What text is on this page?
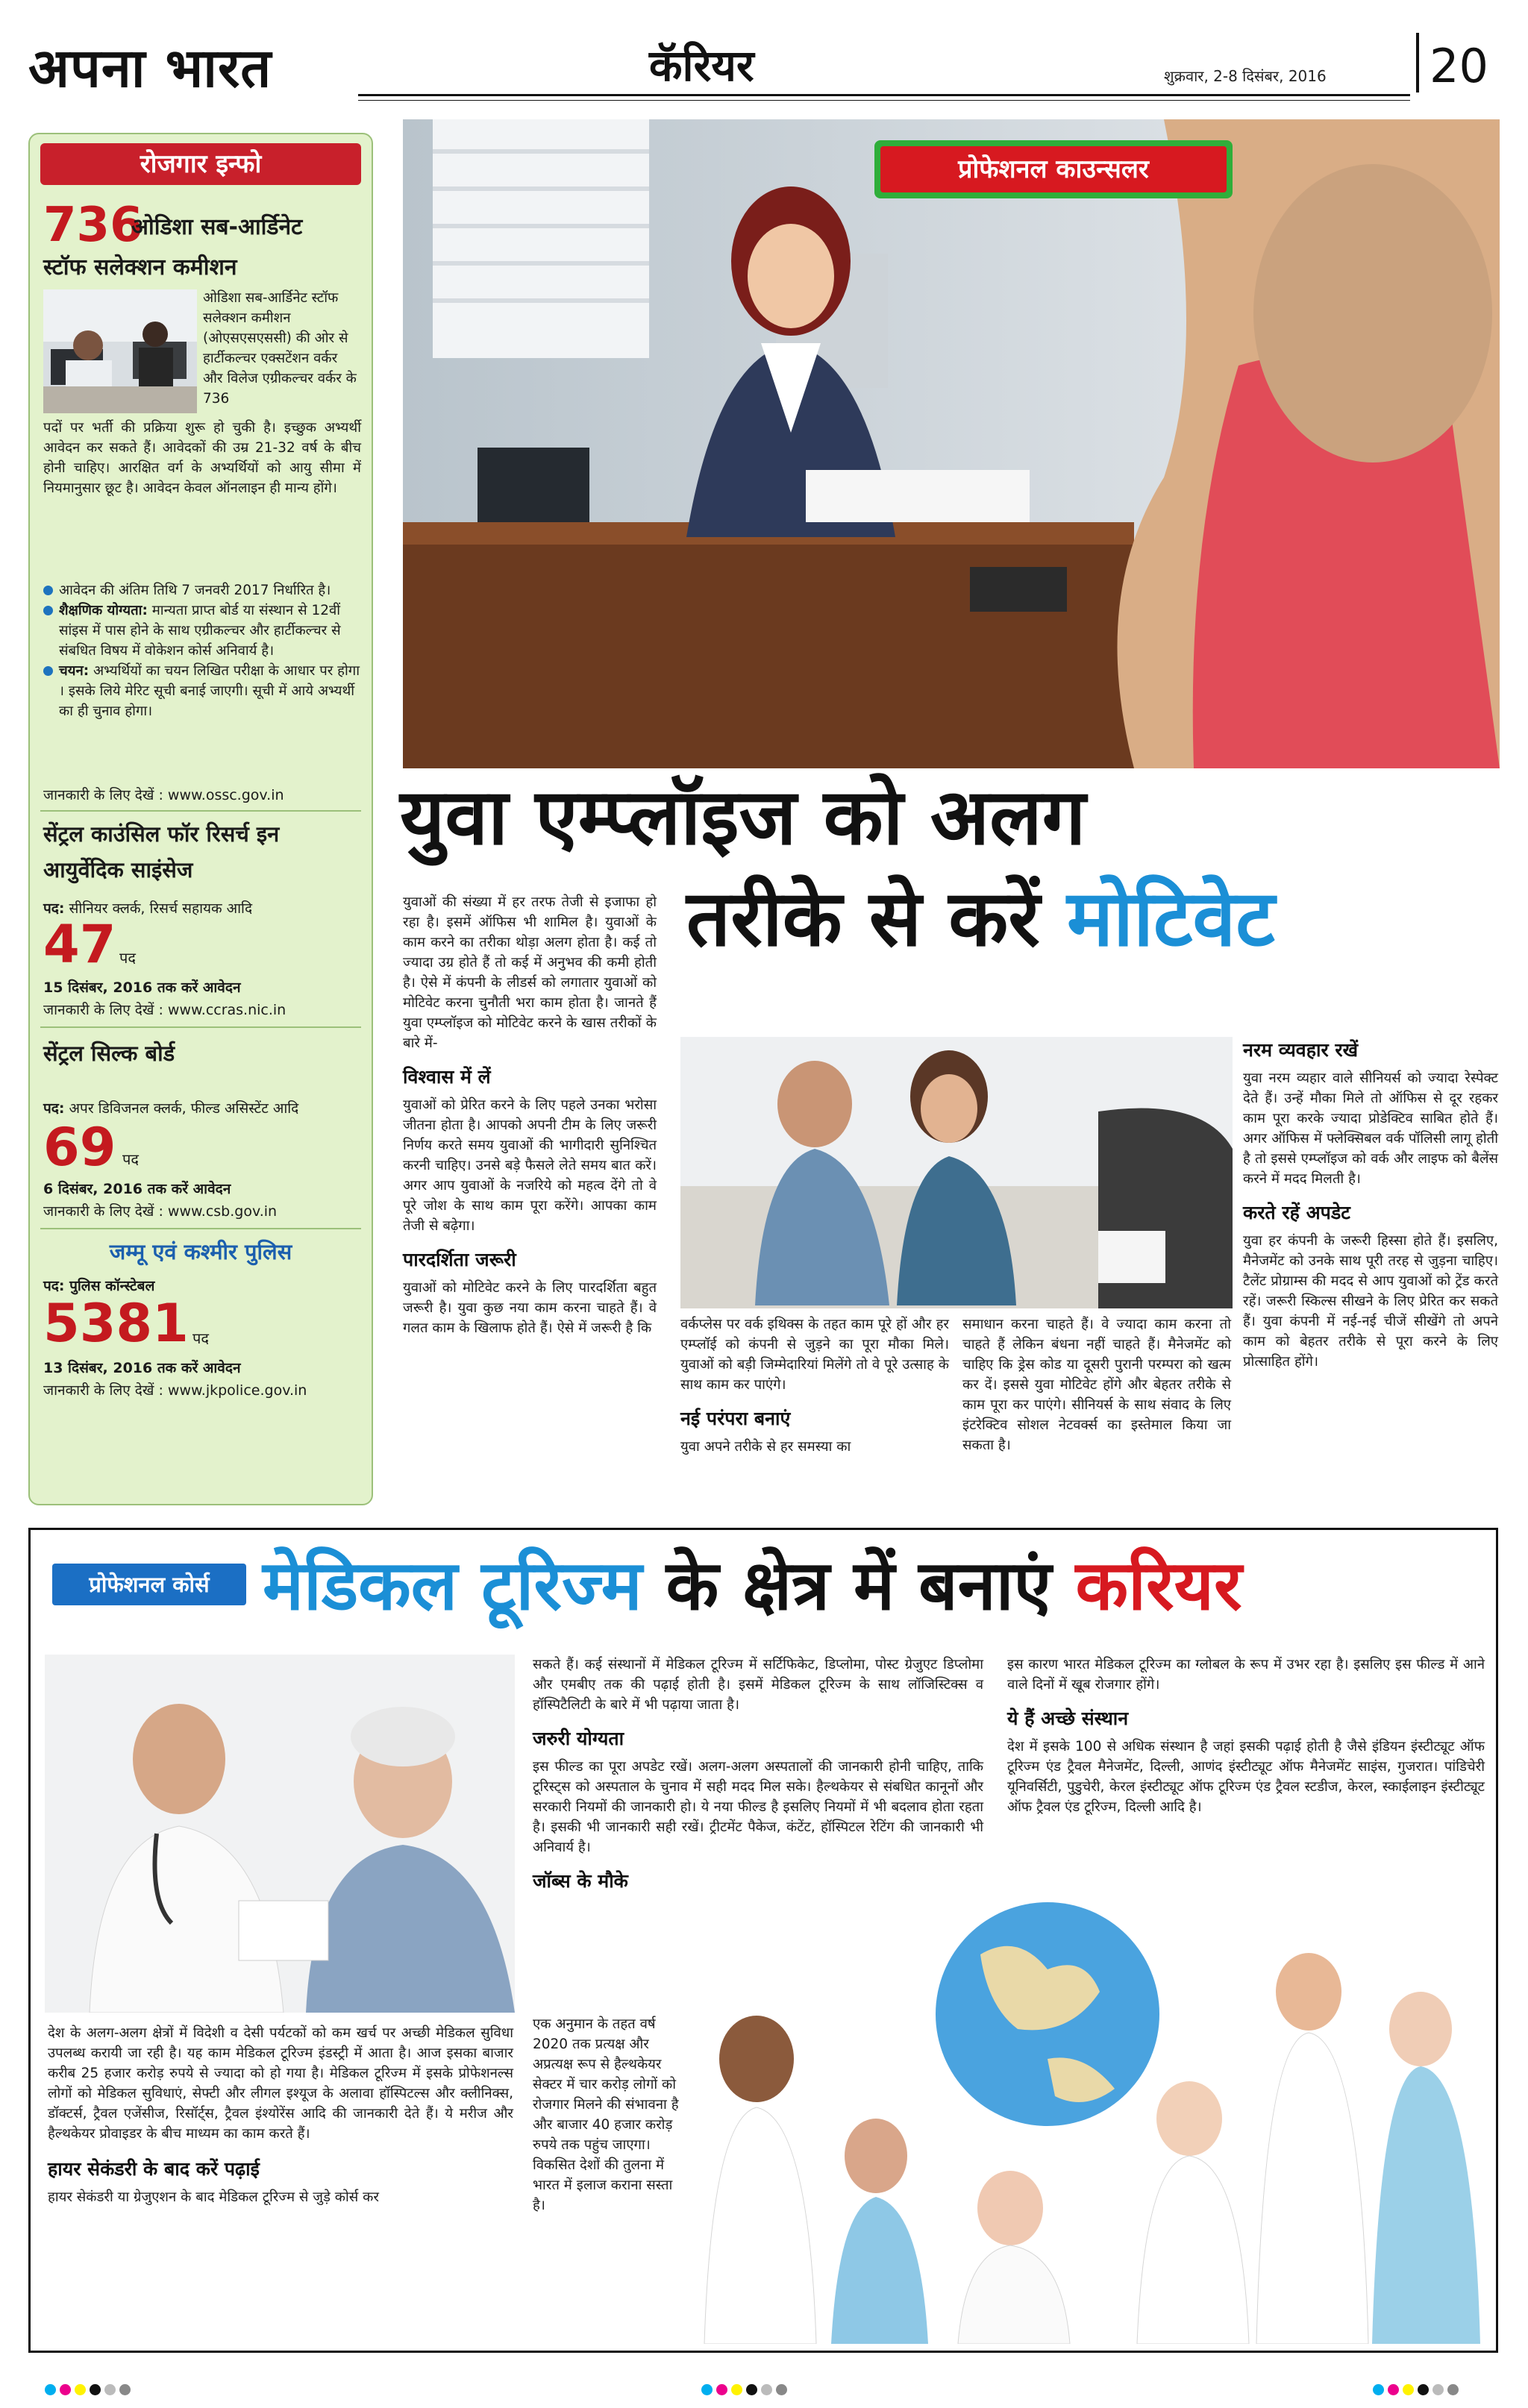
अपना भारत	कॅरियर	शुक्रवार, 2-8 दिसंबर, 2016 20
रोजगार इन्फो
736
ओडिशा सब-आर्डिनेट
स्टॉफ सलेक्शन कमीशन
ओडिशा सब-आर्डिनेट स्टॉफ सलेक्शन कमीशन (ओएसएसएससी) की ओर से हार्टीकल्चर एक्सटेंशन वर्कर और विलेज एग्रीकल्चर वर्कर के 736
पदों पर भर्ती की प्रक्रिया शुरू हो चुकी है। इच्छुक अभ्यर्थी आवेदन कर सकते हैं। आवेदकों की उम्र 21-32 वर्ष के बीच होनी चाहिए। आरक्षित वर्ग के अभ्यर्थियों को आयु सीमा में नियमानुसार छूट है। आवेदन केवल ऑनलाइन ही मान्य होंगे।
आवेदन की अंतिम तिथि 7 जनवरी 2017 निर्धारित है।
शैक्षणिक योग्यता: मान्यता प्राप्त बोर्ड या संस्थान से 12वीं सांइस में पास होने के साथ एग्रीकल्चर और हार्टीकल्चर से संबधित विषय में वोकेशन कोर्स अनिवार्य है।
चयन: अभ्यर्थियों का चयन लिखित परीक्षा के आधार पर होगा । इसके लिये मेरिट सूची बनाई जाएगी। सूची में आये अभ्यर्थी का ही चुनाव होगा।
जानकारी के लिए देखें : www.ossc.gov.in
सेंट्रल काउंसिल फॉर रिसर्च इन
आयुर्वेदिक साइंसेज
पद: सीनियर क्लर्क, रिसर्च सहायक आदि
47 पद
15 दिसंबर, 2016 तक करें आवेदन
जानकारी के लिए देखें : www.ccras.nic.in
सेंट्रल सिल्क बोर्ड
पद: अपर डिविजनल क्लर्क, फील्ड असिस्टेंट आदि
69 पद
6 दिसंबर, 2016 तक करें आवेदन
जानकारी के लिए देखें : www.csb.gov.in
जम्मू एवं कश्मीर पुलिस
पद: पुलिस कॉन्स्टेबल
5381 पद
13 दिसंबर, 2016 तक करें आवेदन
जानकारी के लिए देखें : www.jkpolice.gov.in
प्रोफेशनल काउन्सलर
युवा एम्प्लॉइज को अलग
तरीके से करें मोटिवेट

युवाओं की संख्या में हर तरफ तेजी से इजाफा हो रहा है। इसमें ऑफिस भी शामिल है। युवाओं के काम करने का तरीका थोड़ा अलग होता है। कई तो ज्यादा उग्र होते हैं तो कई में अनुभव की कमी होती है। ऐसे में कंपनी के लीडर्स को लगातार युवाओं को मोटिवेट करना चुनौती भरा काम होता है। जानते हैं युवा एम्प्लॉइज को मोटिवेट करने के खास तरीकों के बारे में-

विश्वास में लें

युवाओं को प्रेरित करने के लिए पहले उनका भरोसा जीतना होता है। आपको अपनी टीम के लिए जरूरी निर्णय करते समय युवाओं की भागीदारी सुनिश्चित करनी चाहिए। उनसे बड़े फैसले लेते समय बात करें। अगर आप युवाओं के नजरिये को महत्व देंगे तो वे पूरे जोश के साथ काम पूरा करेंगे। आपका काम तेजी से बढ़ेगा।

पारदर्शिता जरूरी

युवाओं को मोटिवेट करने के लिए पारदर्शिता बहुत जरूरी है। युवा कुछ नया काम करना चाहते हैं। वे गलत काम के खिलाफ होते हैं। ऐसे में जरूरी है कि	वर्कप्लेस पर वर्क इथिक्स के तहत काम पूरे हों और हर एम्प्लॉई को कंपनी से जुड़ने का पूरा मौका मिले। युवाओं को बड़ी जिम्मेदारियां मिलेंगे तो वे पूरे उत्साह के साथ काम कर पाएंगे।

नई परंपरा बनाएं

युवा अपने तरीके से हर समस्या का

समाधान करना चाहते हैं। वे ज्यादा काम करना तो चाहते हैं लेकिन बंधना नहीं चाहते हैं। मैनेजमेंट को चाहिए कि ड्रेस कोड या दूसरी पुरानी परम्परा को खत्म कर दें। इससे युवा मोटिवेट होंगे और बेहतर तरीके से काम पूरा कर पाएंगे। सीनियर्स के साथ संवाद के लिए इंटरेक्टिव सोशल नेटवर्क्स का इस्तेमाल किया जा सकता है।

नरम व्यवहार रखें

युवा नरम व्यहार वाले सीनियर्स को ज्यादा रेस्पेक्ट देते हैं। उन्हें मौका मिले तो ऑफिस से दूर रहकर काम पूरा करके ज्यादा प्रोडेक्टिव साबित होते हैं। अगर ऑफिस में फ्लेक्सिबल वर्क पॉलिसी लागू होती है तो इससे एम्प्लॉइज को वर्क और लाइफ को बैलेंस करने में मदद मिलती है।

करते रहें अपडेट

युवा हर कंपनी के जरूरी हिस्सा होते हैं। इसलिए, मैनेजमेंट को उनके साथ पूरी तरह से जुड़ना चाहिए। टैलेंट प्रोग्राम्स की मदद से आप युवाओं को ट्रेंड करते रहें। जरूरी स्किल्स सीखने के लिए प्रेरित कर सकते हैं। युवा कंपनी में नई-नई चीजें सीखेंगे तो अपने काम को बेहतर तरीके से पूरा करने के लिए प्रोत्साहित होंगे।

प्रोफेशनल कोर्स मेडिकल टूरिज्म के क्षेत्र में बनाएं करियर

देश के अलग-अलग क्षेत्रों में विदेशी व देसी पर्यटकों को कम खर्च पर अच्छी मेडिकल सुविधा उपलब्ध करायी जा रही है। यह काम मेडिकल टूरिज्म इंडस्ट्री में आता है। आज इसका बाजार करीब 25 हजार करोड़ रुपये से ज्यादा को हो गया है। मेडिकल टूरिज्म में इसके प्रोफेशनल्स लोगों को मेडिकल सुविधाएं, सेफ्टी और लीगल इश्यूज के अलावा हॉस्पिटल्स और क्लीनिक्स, डॉक्टर्स, ट्रैवल एजेंसीज, रिसॉर्ट्स, ट्रैवल इंश्योरेंस आदि की जानकारी देते हैं। ये मरीज और हैल्थकेयर प्रोवाइडर के बीच माध्यम का काम करते हैं।

हायर सेकंडरी के बाद करें पढ़ाई

हायर सेकंडरी या ग्रेजुएशन के बाद मेडिकल टूरिज्म से जुड़े कोर्स कर

सकते हैं। कई संस्थानों में मेडिकल टूरिज्म में सर्टिफिकेट, डिप्लोमा, पोस्ट ग्रेजुएट डिप्लोमा और एमबीए तक की पढ़ाई होती है। इसमें मेडिकल टूरिज्म के साथ लॉजिस्टिक्स व हॉस्पिटैलिटी के बारे में भी पढ़ाया जाता है।

जरुरी योग्यता

इस फील्ड का पूरा अपडेट रखें। अलग-अलग अस्पतालों की जानकारी होनी चाहिए, ताकि टूरिस्ट्स को अस्पताल के चुनाव में सही मदद मिल सके। हैल्थकेयर से संबधित कानूनों और सरकारी नियमों की जानकारी हो। ये नया फील्ड है इसलिए नियमों में भी बदलाव होता रहता है। इसकी भी जानकारी सही रखें। ट्रीटमेंट पैकेज, कंटेंट, हॉस्पिटल रेटिंग की जानकारी भी अनिवार्य है।

जॉब्स के मौके

एक अनुमान के तहत वर्ष 2020 तक प्रत्यक्ष और अप्रत्यक्ष रूप से हैल्थकेयर सेक्टर में चार करोड़ लोगों को रोजगार मिलने की संभावना है और बाजार 40 हजार करोड़ रुपये तक पहुंच जाएगा। विकसित देशों की तुलना में भारत में इलाज कराना सस्ता है।

इस कारण भारत मेडिकल टूरिज्म का ग्लोबल के रूप में उभर रहा है। इसलिए इस फील्ड में आने वाले दिनों में खूब रोजगार होंगे।

ये हैं अच्छे संस्थान

देश में इसके 100 से अधिक संस्थान है जहां इसकी पढ़ाई होती है जैसे इंडियन इंस्टीट्यूट ऑफ टूरिज्म एंड ट्रैवल मैनेजमेंट, दिल्ली, आणंद इंस्टीट्यूट ऑफ मैनेजमेंट साइंस, गुजरात। पांडिचेरी यूनिवर्सिटी, पुडुचेरी, केरल इंस्टीट्यूट ऑफ टूरिज्म एंड ट्रैवल स्टडीज, केरल, स्काईलाइन इंस्टीट्यूट ऑफ ट्रैवल एंड टूरिज्म, दिल्ली आदि है।
